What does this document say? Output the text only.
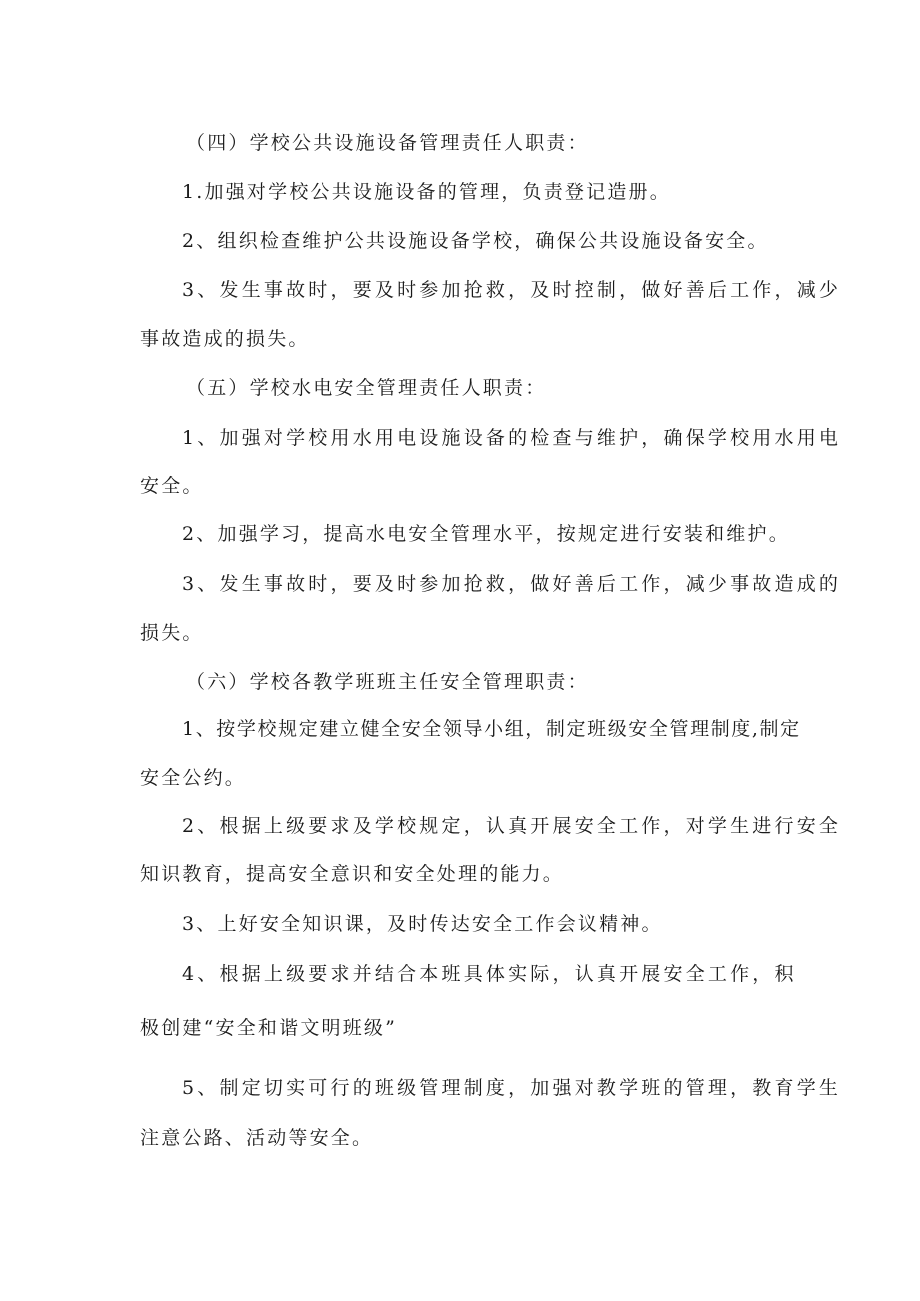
（四）学校公共设施设备管理责任人职责：
1.加强对学校公共设施设备的管理，负责登记造册。
2、组织检查维护公共设施设备学校，确保公共设施设备安全。
3、发生事故时，要及时参加抢救，及时控制，做好善后工作，减少
事故造成的损失。
（五）学校水电安全管理责任人职责：
1、加强对学校用水用电设施设备的检查与维护，确保学校用水用电
安全。
2、加强学习，提高水电安全管理水平，按规定进行安装和维护。
3、发生事故时，要及时参加抢救，做好善后工作，减少事故造成的
损失。
（六）学校各教学班班主任安全管理职责：
1、按学校规定建立健全安全领导小组，制定班级安全管理制度,制定
安全公约。
2、根据上级要求及学校规定，认真开展安全工作，对学生进行安全
知识教育，提高安全意识和安全处理的能力。
3、上好安全知识课，及时传达安全工作会议精神。
4、根据上级要求并结合本班具体实际，认真开展安全工作，积
极创建“安全和谐文明班级”
5、制定切实可行的班级管理制度，加强对教学班的管理，教育学生
注意公路、活动等安全。
